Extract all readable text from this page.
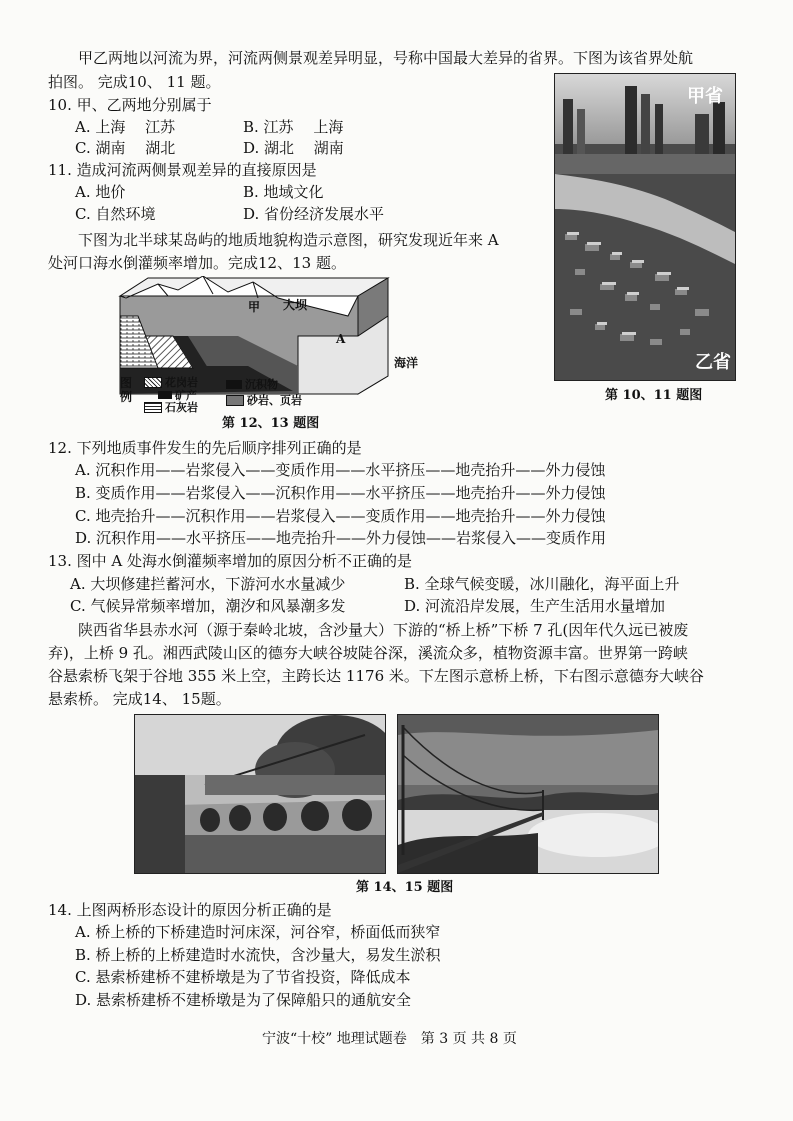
甲乙两地以河流为界，河流两侧景观差异明显，号称中国最大差异的省界。下图为该省界处航
拍图。 完成10、 11 题。
10. 甲、乙两地分别属于
A. 上海　 江苏	B. 江苏　 上海
C. 湖南　 湖北	D. 湖北　 湖南
11. 造成河流两侧景观差异的直接原因是
A. 地价	B. 地域文化
C. 自然环境	D. 省份经济发展水平
下图为北半球某岛屿的地质地貌构造示意图，研究发现近年来 A
处河口海水倒灌频率增加。完成12、13 题。
甲省
乙省
第 10、11 题图
甲 大坝
A
海洋
图例
花岗岩
矿产
石灰岩
沉积物
砂岩、页岩
第 12、13 题图
12. 下列地质事件发生的先后顺序排列正确的是
A. 沉积作用——岩浆侵入——变质作用——水平挤压——地壳抬升——外力侵蚀
B. 变质作用——岩浆侵入——沉积作用——水平挤压——地壳抬升——外力侵蚀
C. 地壳抬升——沉积作用——岩浆侵入——变质作用——地壳抬升——外力侵蚀
D. 沉积作用——水平挤压——地壳抬升——外力侵蚀——岩浆侵入——变质作用
13. 图中 A 处海水倒灌频率增加的原因分析不正确的是
A. 大坝修建拦蓄河水，下游河水水量减少	B. 全球气候变暖，冰川融化，海平面上升
C. 气候异常频率增加，潮汐和风暴潮多发	D. 河流沿岸发展，生产生活用水量增加
陕西省华县赤水河（源于秦岭北坡，含沙量大）下游的“桥上桥”下桥 7 孔(因年代久远已被废
弃)，上桥 9 孔。湘西武陵山区的德夯大峡谷坡陡谷深，溪流众多，植物资源丰富。世界第一跨峡
谷悬索桥飞架于谷地 355 米上空，主跨长达 1176 米。下左图示意桥上桥，下右图示意德夯大峡谷
悬索桥。 完成14、 15题。
第 14、15 题图
14. 上图两桥形态设计的原因分析正确的是
A. 桥上桥的下桥建造时河床深，河谷窄，桥面低而狭窄
B. 桥上桥的上桥建造时水流快，含沙量大，易发生淤积
C. 悬索桥建桥不建桥墩是为了节省投资，降低成本
D. 悬索桥建桥不建桥墩是为了保障船只的通航安全
宁波“十校” 地理试题卷　第 3 页 共 8 页
